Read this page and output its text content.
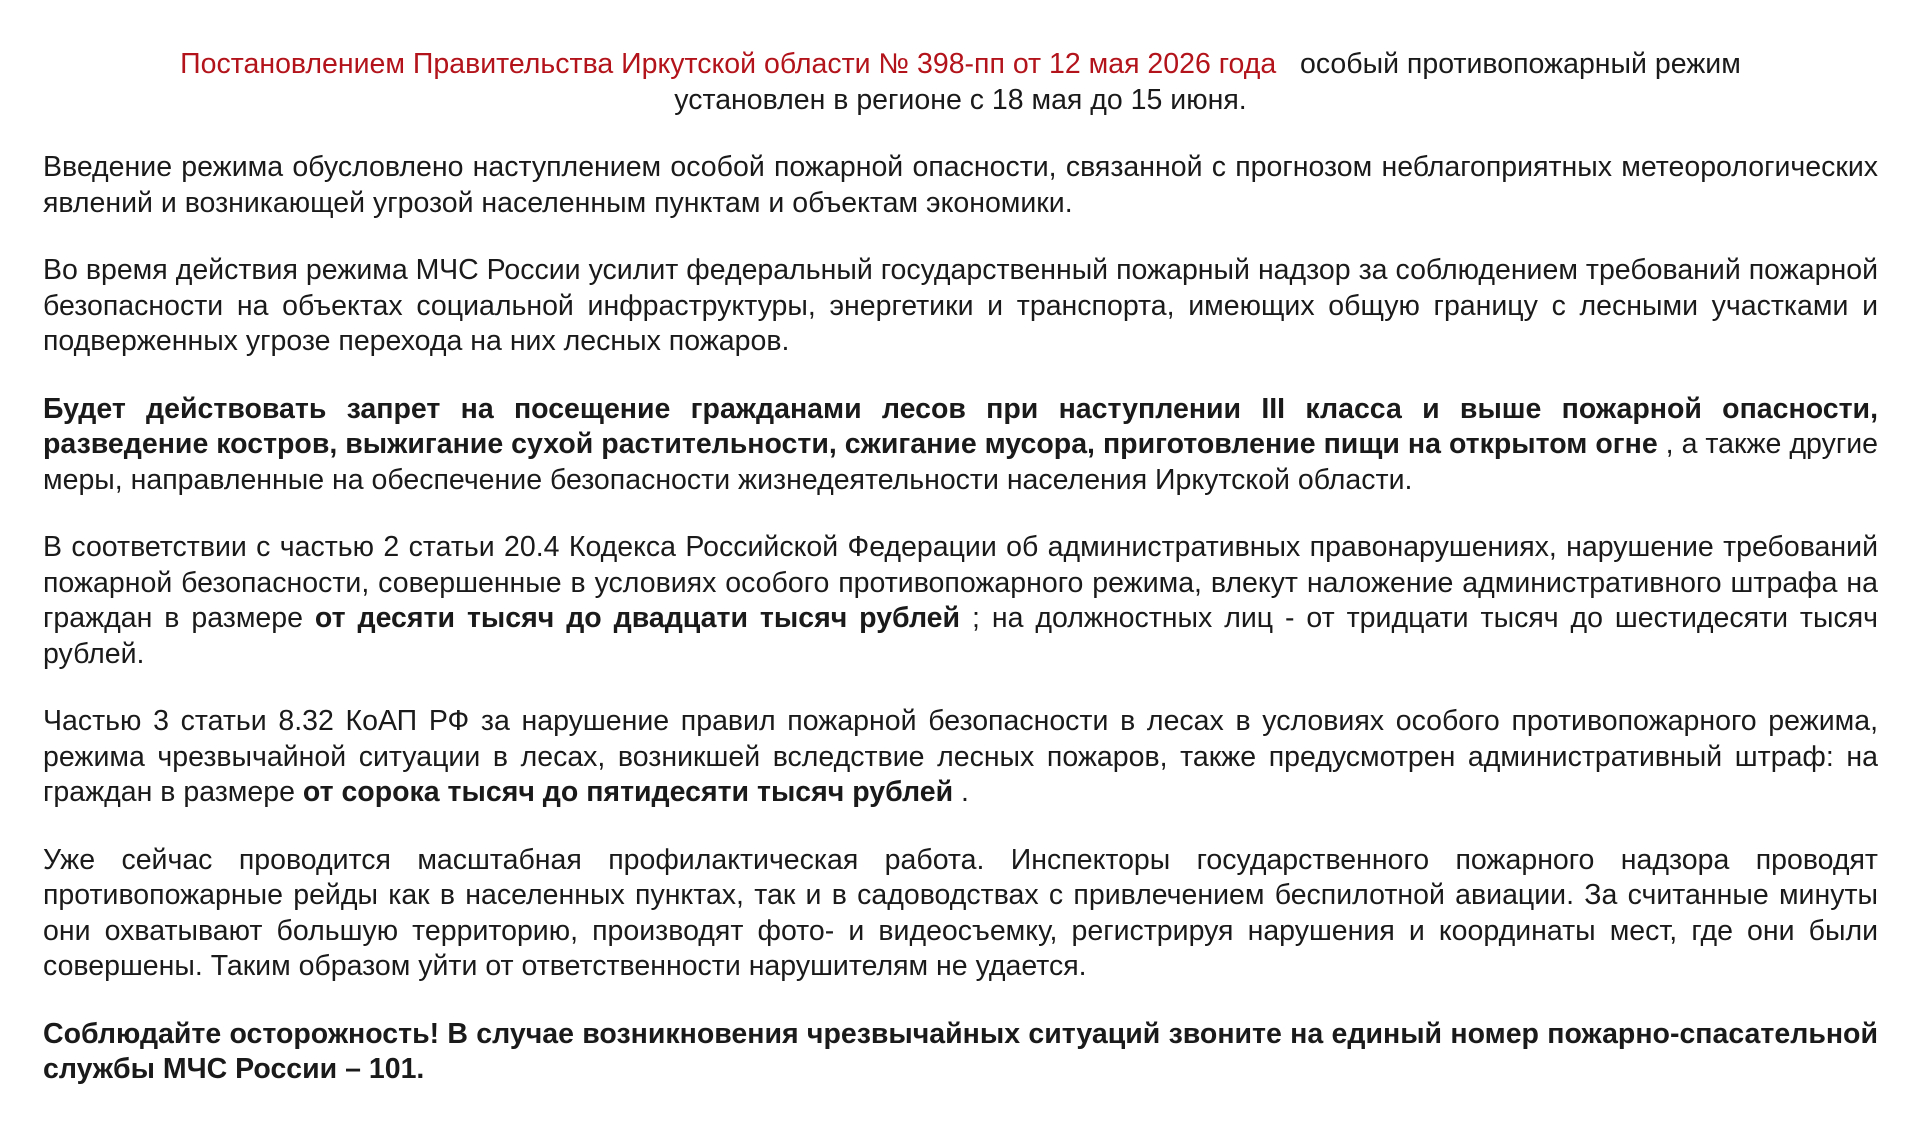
Постановлением Правительства Иркутской области № 398-пп от 12 мая 2026 года особый противопожарный режим установлен в регионе с 18 мая до 15 июня.
Введение режима обусловлено наступлением особой пожарной опасности, связанной с прогнозом неблагоприятных метеорологических явлений и возникающей угрозой населенным пунктам и объектам экономики.
Во время действия режима МЧС России усилит федеральный государственный пожарный надзор за соблюдением требований пожарной безопасности на объектах социальной инфраструктуры, энергетики и транспорта, имеющих общую границу с лесными участками и подверженных угрозе перехода на них лесных пожаров.
Будет действовать запрет на посещение гражданами лесов при наступлении III класса и выше пожарной опасности, разведение костров, выжигание сухой растительности, сжигание мусора, приготовление пищи на открытом огне , а также другие меры, направленные на обеспечение безопасности жизнедеятельности населения Иркутской области.
В соответствии с частью 2 статьи 20.4 Кодекса Российской Федерации об административных правонарушениях, нарушение требований пожарной безопасности, совершенные в условиях особого противопожарного режима, влекут наложение административного штрафа на граждан в размере от десяти тысяч до двадцати тысяч рублей ; на должностных лиц - от тридцати тысяч до шестидесяти тысяч рублей.
Частью 3 статьи 8.32 КоАП РФ за нарушение правил пожарной безопасности в лесах в условиях особого противопожарного режима, режима чрезвычайной ситуации в лесах, возникшей вследствие лесных пожаров, также предусмотрен административный штраф: на граждан в размере от сорока тысяч до пятидесяти тысяч рублей .
Уже сейчас проводится масштабная профилактическая работа. Инспекторы государственного пожарного надзора проводят противопожарные рейды как в населенных пунктах, так и в садоводствах с привлечением беспилотной авиации. За считанные минуты они охватывают большую территорию, производят фото- и видеосъемку, регистрируя нарушения и координаты мест, где они были совершены. Таким образом уйти от ответственности нарушителям не удается.
Соблюдайте осторожность! В случае возникновения чрезвычайных ситуаций звоните на единый номер пожарно-спасательной службы МЧС России – 101.
